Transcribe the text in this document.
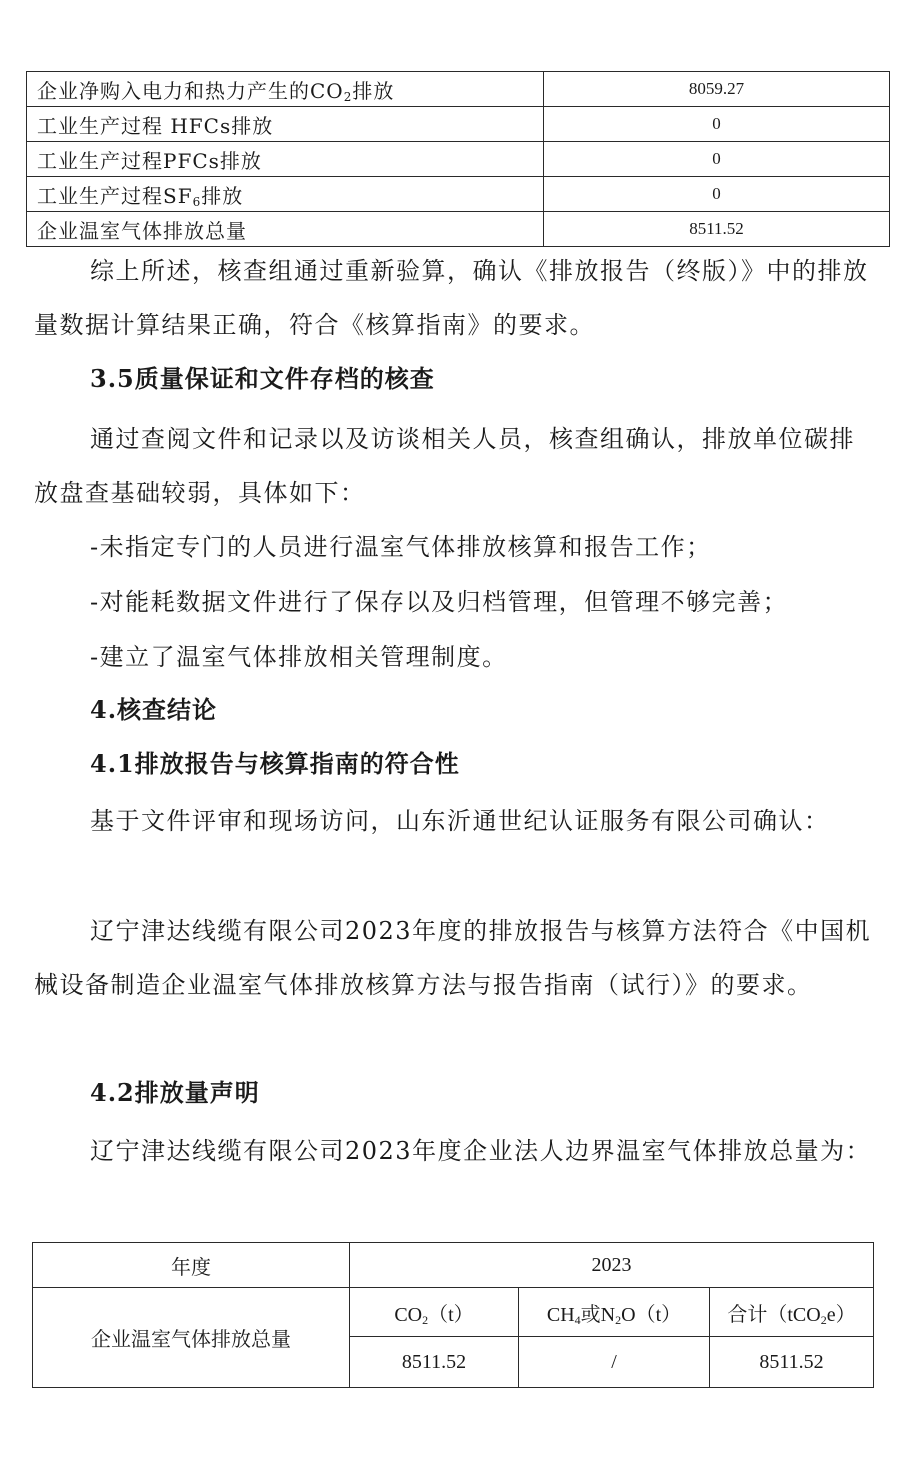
企业净购入电力和热力产生的$CO_2$排放	8059.27
工业生产过程 HFCs排放	0
工业生产过程PFCs排放	0
工业生产过程$SF_6$排放	0
企业温室气体排放总量	8511.52
综上所述，核查组通过重新验算，确认《排放报告（终版）》中的排放量数据计算结果正确，符合《核算指南》的要求。
3.5质量保证和文件存档的核查
通过查阅文件和记录以及访谈相关人员，核查组确认，排放单位碳排放盘查基础较弱，具体如下：
-未指定专门的人员进行温室气体排放核算和报告工作；
-对能耗数据文件进行了保存以及归档管理，但管理不够完善；
-建立了温室气体排放相关管理制度。
4.核查结论
4.1排放报告与核算指南的符合性
基于文件评审和现场访问，山东沂通世纪认证服务有限公司确认：
辽宁津达线缆有限公司2023年度的排放报告与核算方法符合《中国机械设备制造企业温室气体排放核算方法与报告指南（试行）》的要求。
4.2排放量声明
辽宁津达线缆有限公司2023年度企业法人边界温室气体排放总量为：
年度	2023		
企业温室气体排放总量	$CO_2(t)$	$CH_4$或$N_2O(t)$	合计（tCO$_2$e）
	8511.52	/	8511.52
